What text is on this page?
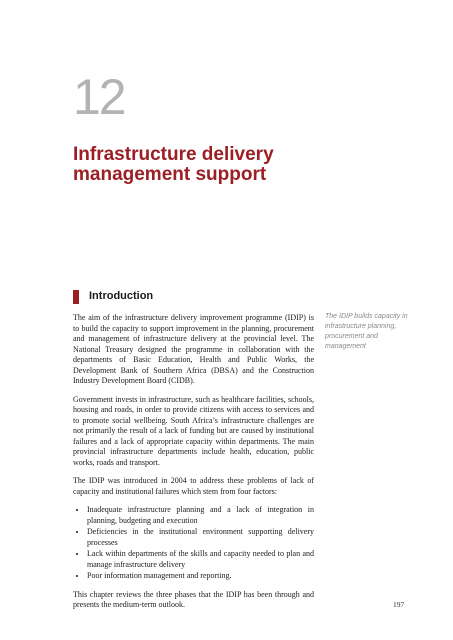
12
Infrastructure delivery management support
Introduction

The aim of the infrastructure delivery improvement programme (IDIP) is to build the capacity to support improvement in the planning, procurement and management of infrastructure delivery at the provincial level. The National Treasury designed the programme in collaboration with the departments of Basic Education, Health and Public Works, the Development Bank of Southern Africa (DBSA) and the Construction Industry Development Board (CIDB).

Government invests in infrastructure, such as healthcare facilities, schools, housing and roads, in order to provide citizens with access to services and to promote social wellbeing. South Africa’s infrastructure challenges are not primarily the result of a lack of funding but are caused by institutional failures and a lack of appropriate capacity within departments. The main provincial infrastructure departments include health, education, public works, roads and transport.

The IDIP was introduced in 2004 to address these problems of lack of capacity and institutional failures which stem from four factors:

• Inadequate infrastructure planning and a lack of integration in planning, budgeting and execution
• Deficiencies in the institutional environment supporting delivery processes
• Lack within departments of the skills and capacity needed to plan and manage infrastructure delivery
• Poor information management and reporting.

This chapter reviews the three phases that the IDIP has been through and presents the medium-term outlook.

The IDIP builds capacity in infrastructure planning, procurement and management
197
